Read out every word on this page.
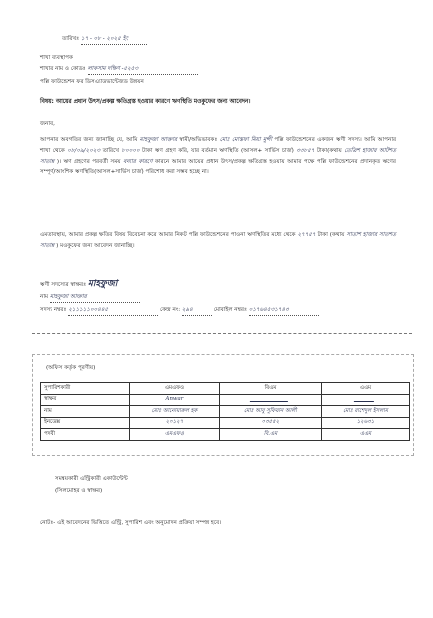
তারিখঃ ১৭ - ০৮ - ২০২৫ ইং
শাখা ব্যবস্থাপক
শাখার নাম ও কোডঃ লাকসাম দক্ষিণ -৫২৫৩
পল্লি ফাউন্ডেশন ফর ডিসএ্যাডভান্টেজড উন্নয়ন
বিষয়: আয়ের প্রধান উৎস/প্রকল্প ক্ষতিগ্রস্ত হওয়ার কারণে ঋণস্থিতি মওকুফের জন্য আবেদন।
জনাব,

আপনার অবগতির জন্য জানাচ্ছি যে, আমি মাহফুজা আক্তার স্বামী/অভিভাবকঃ মোঃ মোস্তফা মিয়া মুন্সী পল্লি ফাউন্ডেশনের একজন ঋণী সদস্য। আমি আপনার শাখা থেকে ০৮/০৯/২০২৩ তারিখে ৮০০০০ টাকা ঋণ গ্রহণ করি, যার বর্তমান ঋণস্থিতি (আসল+ সার্ভিস চার্জ) ৩৩৮৫৭ টাকা(কথায় তেত্রিশ হাজার আটশত সাতান্ন )। ঋণ গ্রহণের পরবর্তী সময় বন্যার কারণে কারনে আমার আয়ের প্রধান উৎস/প্রকল্প ক্ষতিগ্রস্ত হওয়ায় আমার পক্ষে পল্লি ফাউন্ডেশনের প্রদানকৃত ঋণের সম্পূর্ণ/আংশিক ঋণস্থিতি(আসল+সার্ভিস চার্জ) পরিশোধ করা সম্ভব হচ্ছে না।

এমতাবস্থায়, আমার প্রকল্প ক্ষতির বিষয় বিবেচনা করে আমার নিকট পল্লি ফাউন্ডেশনের পাওনা ঋণস্থিতির মধ্যে থেকে ২৭৭৫৭ টাকা (কথায় সাতাশ হাজার সাতশত সাতান্ন ) মওকুফের জন্য আবেদন জানাচ্ছি।

ঋণী সদস্যের স্বাক্ষরঃ মাহফুজা
নাম মাহফুজা আক্তার
সদস্য নম্বরঃ ২১১১১১০০৪৪৫	কেন্দ্র নং: ২৯৪	মোবাইল নম্বরঃ ০১৭৬৪৫৩১৭৪৩
(অফিস কর্তৃক পূরণীয়)
সুপারিশকারী	এমএফও	বিএম	এএম
স্বাক্ষর	Anwar		
নাম	মোঃ আনোয়ারুল হক	মোঃ আবু সুফিয়ান আলী	মোঃ রাশেদুল ইসলাম
ইনডেক্স	২০১২৭	০৩৫৫২	১২৬৩১
পদবী	এমএফও	বি.এম	এএম
সমন্বয়কারী এন্ট্রিকারী একাউন্টেন্ট
(সিলমোহর ও স্বাক্ষর)
নোটঃ- এই আবেদনের ভিত্তিতে এন্ট্রি, সুপারিশ এবং অনুমোদন প্রক্রিয়া সম্পন্ন হবে।
